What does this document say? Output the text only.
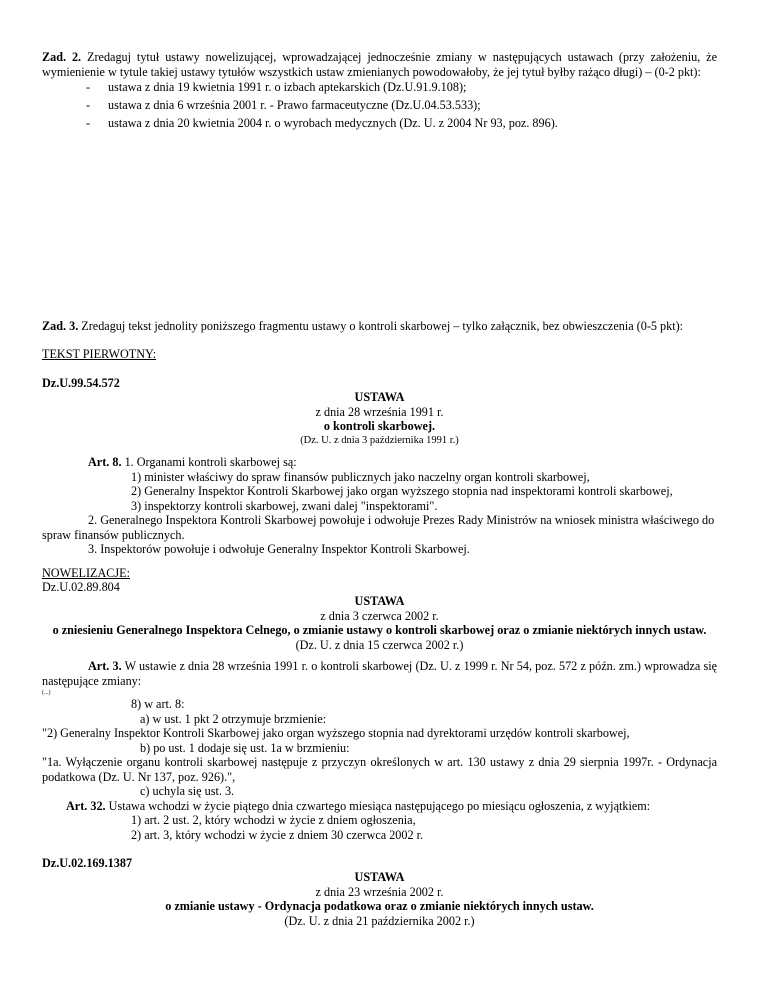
Zad. 2. Zredaguj tytuł ustawy nowelizującej, wprowadzającej jednocześnie zmiany w następujących ustawach (przy założeniu, że wymienienie w tytule takiej ustawy tytułów wszystkich ustaw zmienianych powodowałoby, że jej tytuł byłby rażąco długi) – (0-2 pkt):
- ustawa z dnia 19 kwietnia 1991 r. o izbach aptekarskich (Dz.U.91.9.108);
- ustawa z dnia 6 września 2001 r. - Prawo farmaceutyczne (Dz.U.04.53.533);
- ustawa z dnia 20 kwietnia 2004 r. o wyrobach medycznych (Dz. U. z 2004 Nr 93, poz. 896).
Zad. 3. Zredaguj tekst jednolity poniższego fragmentu ustawy o kontroli skarbowej – tylko załącznik, bez obwieszczenia (0-5 pkt):
TEKST PIERWOTNY:
Dz.U.99.54.572
USTAWA
z dnia 28 września 1991 r.
o kontroli skarbowej.
(Dz. U. z dnia 3 października 1991 r.)
Art. 8. 1. Organami kontroli skarbowej są:
1) minister właściwy do spraw finansów publicznych jako naczelny organ kontroli skarbowej,
2) Generalny Inspektor Kontroli Skarbowej jako organ wyższego stopnia nad inspektorami kontroli skarbowej,
3) inspektorzy kontroli skarbowej, zwani dalej "inspektorami".
2. Generalnego Inspektora Kontroli Skarbowej powołuje i odwołuje Prezes Rady Ministrów na wniosek ministra właściwego do spraw finansów publicznych.
3. Inspektorów powołuje i odwołuje Generalny Inspektor Kontroli Skarbowej.
NOWELIZACJE:
Dz.U.02.89.804
USTAWA
z dnia 3 czerwca 2002 r.
o zniesieniu Generalnego Inspektora Celnego, o zmianie ustawy o kontroli skarbowej oraz o zmianie niektórych innych ustaw.
(Dz. U. z dnia 15 czerwca 2002 r.)
Art. 3. W ustawie z dnia 28 września 1991 r. o kontroli skarbowej (Dz. U. z 1999 r. Nr 54, poz. 572 z późn. zm.) wprowadza się następujące zmiany:
(...)
8) w art. 8:
a) w ust. 1 pkt 2 otrzymuje brzmienie:
"2) Generalny Inspektor Kontroli Skarbowej jako organ wyższego stopnia nad dyrektorami urzędów kontroli skarbowej,
b) po ust. 1 dodaje się ust. 1a w brzmieniu:
"1a. Wyłączenie organu kontroli skarbowej następuje z przyczyn określonych w art. 130 ustawy z dnia 29 sierpnia 1997r. - Ordynacja podatkowa (Dz. U. Nr 137, poz. 926).",
c) uchyla się ust. 3.
Art. 32. Ustawa wchodzi w życie piątego dnia czwartego miesiąca następującego po miesiącu ogłoszenia, z wyjątkiem:
1) art. 2 ust. 2, który wchodzi w życie z dniem ogłoszenia,
2) art. 3, który wchodzi w życie z dniem 30 czerwca 2002 r.
Dz.U.02.169.1387
USTAWA
z dnia 23 września 2002 r.
o zmianie ustawy - Ordynacja podatkowa oraz o zmianie niektórych innych ustaw.
(Dz. U. z dnia 21 października 2002 r.)
